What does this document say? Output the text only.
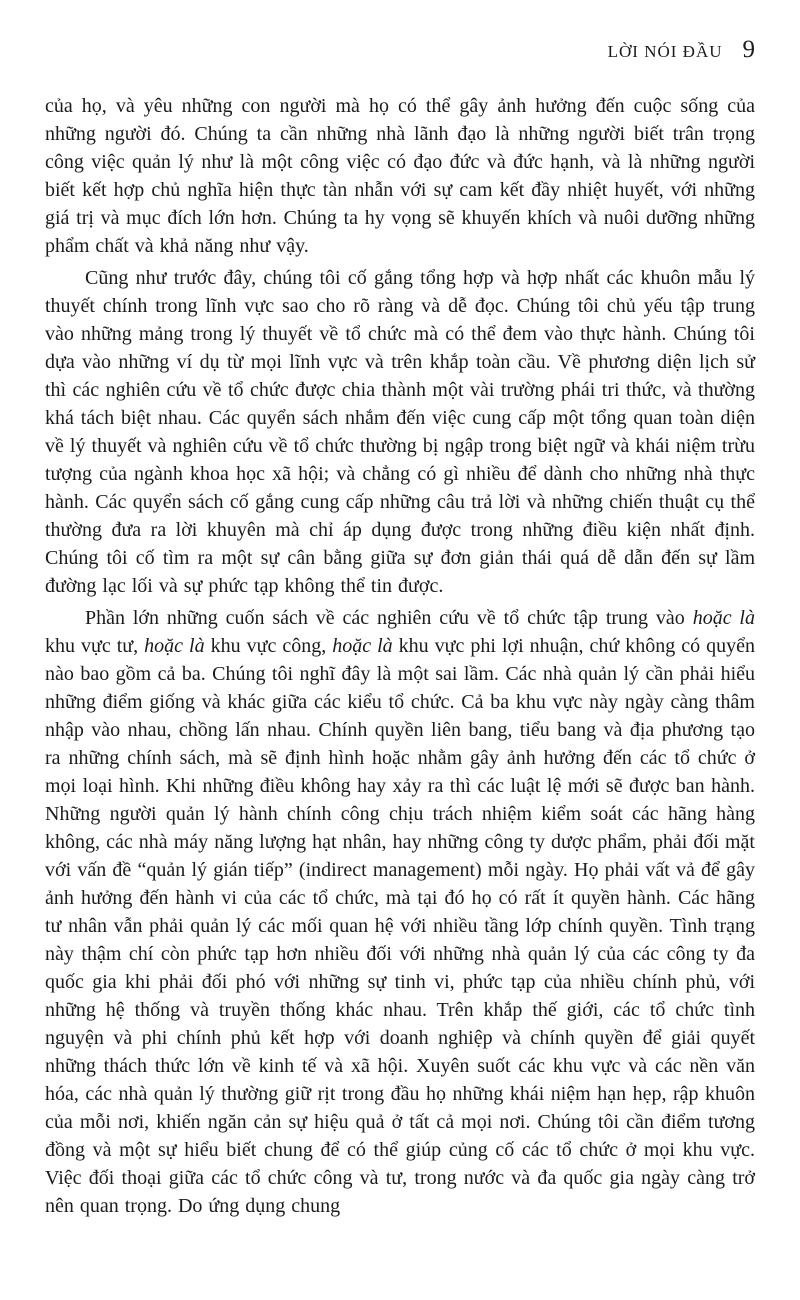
LỜI NÓI ĐẦU 9

của họ, và yêu những con người mà họ có thể gây ảnh hưởng đến cuộc sống của những người đó. Chúng ta cần những nhà lãnh đạo là những người biết trân trọng công việc quản lý như là một công việc có đạo đức và đức hạnh, và là những người biết kết hợp chủ nghĩa hiện thực tàn nhẫn với sự cam kết đầy nhiệt huyết, với những giá trị và mục đích lớn hơn. Chúng ta hy vọng sẽ khuyến khích và nuôi dưỡng những phẩm chất và khả năng như vậy.

Cũng như trước đây, chúng tôi cố gắng tổng hợp và hợp nhất các khuôn mẫu lý thuyết chính trong lĩnh vực sao cho rõ ràng và dễ đọc. Chúng tôi chủ yếu tập trung vào những mảng trong lý thuyết về tổ chức mà có thể đem vào thực hành. Chúng tôi dựa vào những ví dụ từ mọi lĩnh vực và trên khắp toàn cầu. Về phương diện lịch sử thì các nghiên cứu về tổ chức được chia thành một vài trường phái tri thức, và thường khá tách biệt nhau. Các quyển sách nhắm đến việc cung cấp một tổng quan toàn diện về lý thuyết và nghiên cứu về tổ chức thường bị ngập trong biệt ngữ và khái niệm trừu tượng của ngành khoa học xã hội; và chẳng có gì nhiều để dành cho những nhà thực hành. Các quyển sách cố gắng cung cấp những câu trả lời và những chiến thuật cụ thể thường đưa ra lời khuyên mà chỉ áp dụng được trong những điều kiện nhất định. Chúng tôi cố tìm ra một sự cân bằng giữa sự đơn giản thái quá dễ dẫn đến sự lầm đường lạc lối và sự phức tạp không thể tin được.

Phần lớn những cuốn sách về các nghiên cứu về tổ chức tập trung vào hoặc là khu vực tư, hoặc là khu vực công, hoặc là khu vực phi lợi nhuận, chứ không có quyển nào bao gồm cả ba. Chúng tôi nghĩ đây là một sai lầm. Các nhà quản lý cần phải hiểu những điểm giống và khác giữa các kiểu tổ chức. Cả ba khu vực này ngày càng thâm nhập vào nhau, chồng lấn nhau. Chính quyền liên bang, tiểu bang và địa phương tạo ra những chính sách, mà sẽ định hình hoặc nhằm gây ảnh hưởng đến các tổ chức ở mọi loại hình. Khi những điều không hay xảy ra thì các luật lệ mới sẽ được ban hành. Những người quản lý hành chính công chịu trách nhiệm kiểm soát các hãng hàng không, các nhà máy năng lượng hạt nhân, hay những công ty dược phẩm, phải đối mặt với vấn đề “quản lý gián tiếp” (indirect management) mỗi ngày. Họ phải vất vả để gây ảnh hưởng đến hành vi của các tổ chức, mà tại đó họ có rất ít quyền hành. Các hãng tư nhân vẫn phải quản lý các mối quan hệ với nhiều tầng lớp chính quyền. Tình trạng này thậm chí còn phức tạp hơn nhiều đối với những nhà quản lý của các công ty đa quốc gia khi phải đối phó với những sự tinh vi, phức tạp của nhiều chính phủ, với những hệ thống và truyền thống khác nhau. Trên khắp thế giới, các tổ chức tình nguyện và phi chính phủ kết hợp với doanh nghiệp và chính quyền để giải quyết những thách thức lớn về kinh tế và xã hội. Xuyên suốt các khu vực và các nền văn hóa, các nhà quản lý thường giữ rịt trong đầu họ những khái niệm hạn hẹp, rập khuôn của mỗi nơi, khiến ngăn cản sự hiệu quả ở tất cả mọi nơi. Chúng tôi cần điểm tương đồng và một sự hiểu biết chung để có thể giúp củng cố các tổ chức ở mọi khu vực. Việc đối thoại giữa các tổ chức công và tư, trong nước và đa quốc gia ngày càng trở nên quan trọng. Do ứng dụng chung
